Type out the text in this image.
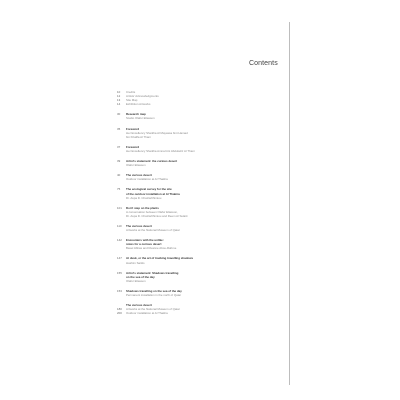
Contents
10	Credits
12	Artists' Acknowledgments
13	Site Map
14	Exhibition Artworks
30	Research map
Studio Olafur Eliasson
35	Foreword
Her Excellency Sheikha Al Mayassa bint Hamad
bin Khalifa Al Thani
37	Foreword
Her Excellency Sheikha Amna bint Abdulaziz Al Thani
39	Artist's statement: the curious desert
Olafur Eliasson
40	The curious desert
Outdoor installation at Al Thakira
75	The ecological survey for the site
of the outdoor installation at Al Thakira
Dr. Aspa D. Chatziefthimiou
101	Don't step on the plants
A conversation between Olafur Eliasson,
Dr. Aspa D. Chatziefthimiou and Reem Al Sulaiti
110	The curious desert
Artworks at the National Museum of Qatar
142	Encounters with the unlike:
notes for a curious desert
Basel Abbas and Ruanne Abou-Rahme
147	At dusk, or the art of tracking travelling shadows
Hashim Sarkis
155	Artist's statement: Shadows travelling
on the sea of the day
Olafur Eliasson
153	Shadows travelling on the sea of the day
Permanent installation in the north of Qatar
The curious desert
180	Artworks at the National Museum of Qatar
200	Outdoor installation at Al Thakira
